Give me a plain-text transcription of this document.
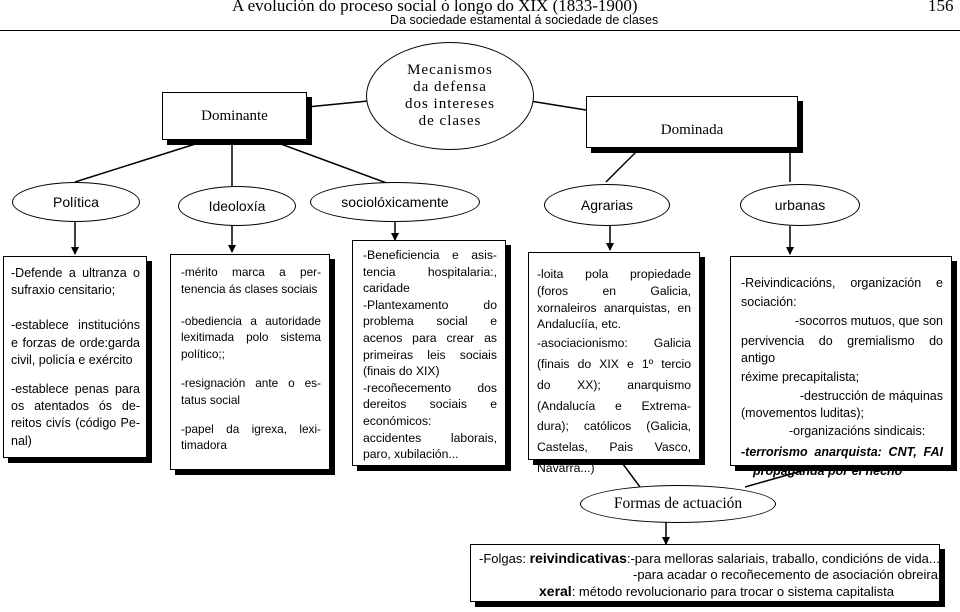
A evolución do proceso social ó longo do XIX (1833-1900)
Da sociedade estamental á sociedade de clases
156
Mecanismos
da defensa
dos intereses
de clases
Dominante
Dominada
Política	Ideoloxía	sociolóxicamente	Agrarias	urbanas
-Defende a ultranza o
sufraxio censitario;
-establece institucións
e forzas de orde:garda
civil, policía e exército
-establece penas para
os atentados ós de-
reitos civís (código Pe-
nal)
-mérito marca a per-
tenencia ás clases sociais
-obediencia a autoridade
lexitimada polo sistema
político;;
-resignación ante o es-
tatus social
-papel da igrexa, lexi-
timadora
-Beneficiencia e asis-
tencia hospitalaria:,
caridade
-Plantexamento do
problema social e
acenos para crear as
primeiras leis sociais
(finais do XIX)
-recoñecemento dos
dereitos sociais e
económicos:
accidentes laborais,
paro, xubilación...
-loita pola propiedade
(foros en Galicia,
xornaleiros anarquistas, en
Andalucíía, etc.
-asociacionismo: Galicia
(finais do XIX e 1º tercio
do XX); anarquismo
(Andalucía e Extrema-
dura); católicos (Galicia,
Castelas, Pais Vasco,
Navarra...)
-Reivindicacións, organización e
sociación:
-socorros mutuos, que son
pervivencia do gremialismo do antigo
réxime precapitalista;
-destrucción de máquinas
(movementos luditas);
-organizacións sindicais:
-terrorismo anarquista: CNT, FAI
propaganda por el hecho
Formas de actuación
-Folgas: reivindicativas:-para melloras salariais, traballo, condicións de vida...
-para acadar o recoñecemento de asociación obreira
xeral: método revolucionario para trocar o sistema capitalista
